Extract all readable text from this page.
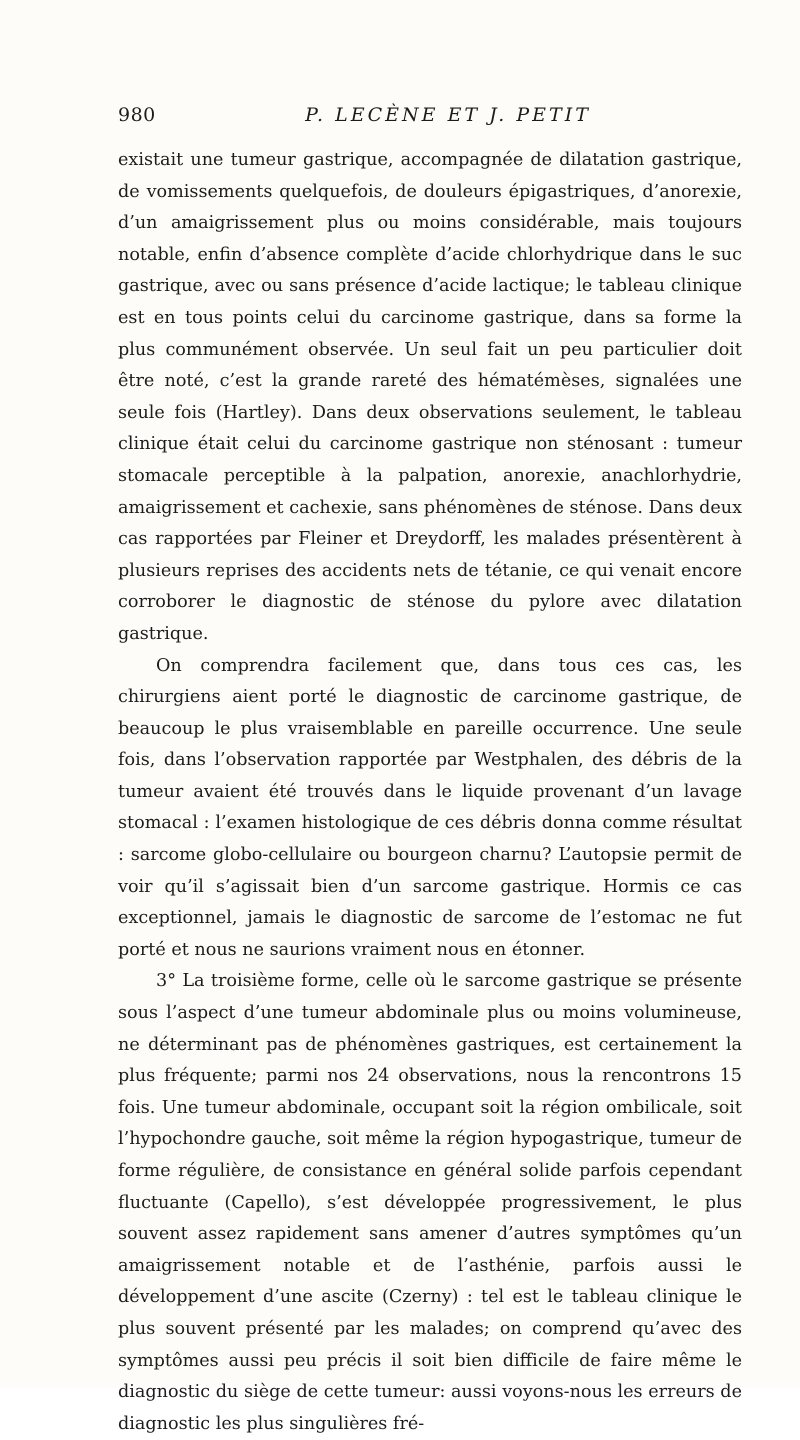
980	P. LECÈNE ET J. PETIT

existait une tumeur gastrique, accompagnée de dilatation gastrique, de vomissements quelquefois, de douleurs épigastriques, d’anorexie, d’un amaigrissement plus ou moins considérable, mais toujours notable, enfin d’absence complète d’acide chlorhydrique dans le suc gastrique, avec ou sans présence d’acide lactique; le tableau clinique est en tous points celui du carcinome gastrique, dans sa forme la plus communément observée. Un seul fait un peu particulier doit être noté, c’est la grande rareté des hématémèses, signalées une seule fois (Hartley). Dans deux observations seulement, le tableau clinique était celui du carcinome gastrique non sténosant : tumeur stomacale perceptible à la palpation, anorexie, anachlorhydrie, amaigrissement et cachexie, sans phénomènes de sténose. Dans deux cas rapportées par Fleiner et Dreydorff, les malades présentèrent à plusieurs reprises des accidents nets de tétanie, ce qui venait encore corroborer le diagnostic de sténose du pylore avec dilatation gastrique.

On comprendra facilement que, dans tous ces cas, les chirurgiens aient porté le diagnostic de carcinome gastrique, de beaucoup le plus vraisemblable en pareille occurrence. Une seule fois, dans l’observation rapportée par Westphalen, des débris de la tumeur avaient été trouvés dans le liquide provenant d’un lavage stomacal : l’examen histologique de ces débris donna comme résultat : sarcome globo-cellulaire ou bourgeon charnu? L’autopsie permit de voir qu’il s’agissait bien d’un sarcome gastrique. Hormis ce cas exceptionnel, jamais le diagnostic de sarcome de l’estomac ne fut porté et nous ne saurions vraiment nous en étonner.

3° La troisième forme, celle où le sarcome gastrique se présente sous l’aspect d’une tumeur abdominale plus ou moins volumineuse, ne déterminant pas de phénomènes gastriques, est certainement la plus fréquente; parmi nos 24 observations, nous la rencontrons 15 fois. Une tumeur abdominale, occupant soit la région ombilicale, soit l’hypochondre gauche, soit même la région hypogastrique, tumeur de forme régulière, de consistance en général solide parfois cependant fluctuante (Capello), s’est développée progressivement, le plus souvent assez rapidement sans amener d’autres symptômes qu’un amaigrissement notable et de l’asthénie, parfois aussi le développement d’une ascite (Czerny) : tel est le tableau clinique le plus souvent présenté par les malades; on comprend qu’avec des symptômes aussi peu précis il soit bien difficile de faire même le diagnostic du siège de cette tumeur: aussi voyons-nous les erreurs de diagnostic les plus singulières fré-
